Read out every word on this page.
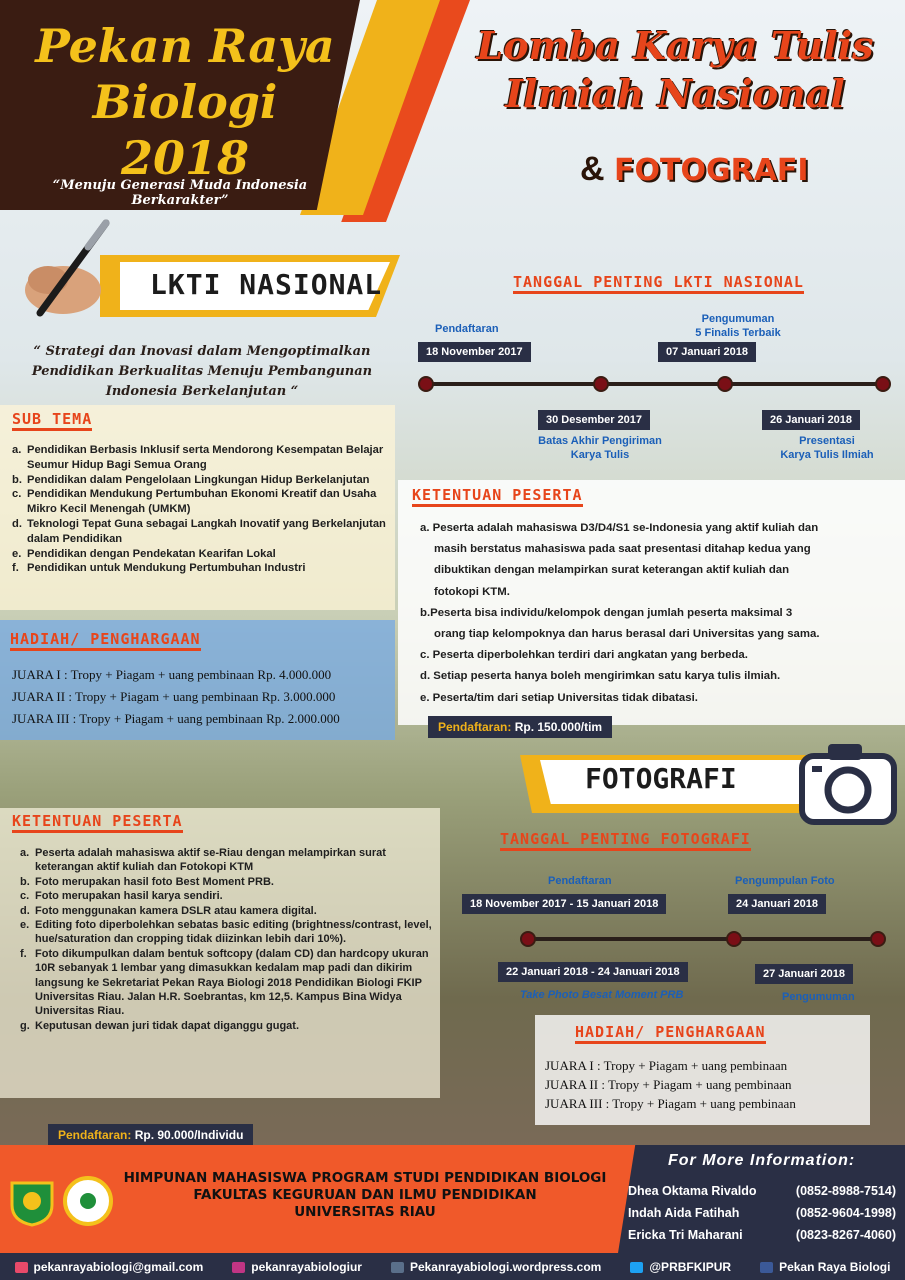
Pekan Raya
Biologi 2018
“Menuju Generasi Muda Indonesia Berkarakter”
Lomba Karya Tulis
Ilmiah Nasional
& FOTOGRAFI
LKTI NASIONAL
“ Strategi dan Inovasi dalam Mengoptimalkan Pendidikan Berkualitas Menuju Pembangunan Indonesia Berkelanjutan “
SUB TEMA
a. Pendidikan Berbasis Inklusif serta Mendorong Kesempatan Belajar Seumur Hidup Bagi Semua Orang
b. Pendidikan dalam Pengelolaan Lingkungan Hidup Berkelanjutan
c. Pendidikan Mendukung Pertumbuhan Ekonomi Kreatif dan Usaha Mikro Kecil Menengah (UMKM)
d. Teknologi Tepat Guna sebagai Langkah Inovatif yang Berkelanjutan dalam Pendidikan
e. Pendidikan dengan Pendekatan Kearifan Lokal
f. Pendidikan untuk Mendukung Pertumbuhan Industri
HADIAH/ PENGHARGAAN
JUARA I : Tropy + Piagam + uang pembinaan Rp. 4.000.000
JUARA II : Tropy + Piagam + uang pembinaan Rp. 3.000.000
JUARA III : Tropy + Piagam + uang pembinaan Rp. 2.000.000
TANGGAL PENTING LKTI NASIONAL
Pendaftaran
18 November 2017
Pengumuman
5 Finalis Terbaik
07 Januari 2018
30 Desember 2017
Batas Akhir Pengiriman
Karya Tulis
26 Januari 2018
Presentasi
Karya Tulis Ilmiah
KETENTUAN PESERTA
a. Peserta adalah mahasiswa D3/D4/S1 se-Indonesia yang aktif kuliah dan
masih berstatus mahasiswa pada saat presentasi ditahap kedua yang
dibuktikan dengan melampirkan surat keterangan aktif kuliah dan
fotokopi KTM.
b.Peserta bisa individu/kelompok dengan jumlah peserta maksimal 3
orang tiap kelompoknya dan harus berasal dari Universitas yang sama.
c. Peserta diperbolehkan terdiri dari angkatan yang berbeda.
d. Setiap peserta hanya boleh mengirimkan satu karya tulis ilmiah.
e. Peserta/tim dari setiap Universitas tidak dibatasi.
Pendaftaran: Rp. 150.000/tim
FOTOGRAFI
KETENTUAN PESERTA
a. Peserta adalah mahasiswa aktif se-Riau dengan melampirkan surat keterangan aktif kuliah dan Fotokopi KTM
b. Foto merupakan hasil foto Best Moment PRB.
c. Foto merupakan hasil karya sendiri.
d. Foto menggunakan kamera DSLR atau kamera digital.
e. Editing foto diperbolehkan sebatas basic editing (brightness/contrast, level, hue/saturation dan cropping tidak diizinkan lebih dari 10%).
f. Foto dikumpulkan dalam bentuk softcopy (dalam CD) dan hardcopy ukuran 10R sebanyak 1 lembar yang dimasukkan kedalam map padi dan dikirim langsung ke Sekretariat Pekan Raya Biologi 2018 Pendidikan Biologi FKIP Universitas Riau. Jalan H.R. Soebrantas, km 12,5. Kampus Bina Widya Universitas Riau.
g. Keputusan dewan juri tidak dapat diganggu gugat.
Pendaftaran: Rp. 90.000/Individu
TANGGAL PENTING FOTOGRAFI
Pendaftaran
18 November 2017 - 15 Januari 2018
Pengumpulan Foto
24 Januari 2018
22 Januari 2018 - 24 Januari 2018
Take Photo Besat Moment PRB
27 Januari 2018
Pengumuman
HADIAH/ PENGHARGAAN
JUARA I : Tropy + Piagam + uang pembinaan
JUARA II : Tropy + Piagam + uang pembinaan
JUARA III : Tropy + Piagam + uang pembinaan
HIMPUNAN MAHASISWA PROGRAM STUDI PENDIDIKAN BIOLOGI
FAKULTAS KEGURUAN DAN ILMU PENDIDIKAN
UNIVERSITAS RIAU
For More Information:
Dhea Oktama Rivaldo	(0852-8988-7514)
Indah Aida Fatihah	(0852-9604-1998)
Ericka Tri Maharani	(0823-8267-4060)
pekanrayabiologi@gmail.com	pekanrayabiologiur	Pekanrayabiologi.wordpress.com	@PRBFKIPUR	Pekan Raya Biologi
